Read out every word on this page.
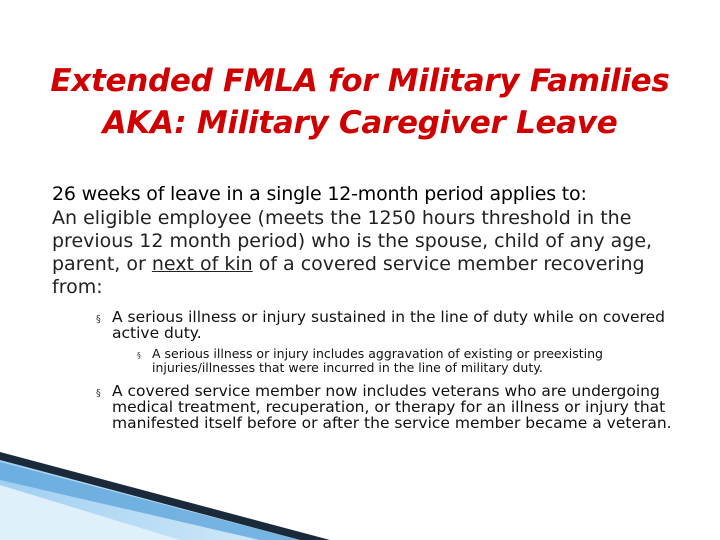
Extended FMLA for Military Families
AKA: Military Caregiver Leave
26 weeks of leave in a single 12-month period applies to:
An eligible employee (meets the 1250 hours threshold in the previous 12 month period) who is the spouse, child of any age, parent, or next of kin of a covered service member recovering from:
§ A serious illness or injury sustained in the line of duty while on covered active duty.
§ A serious illness or injury includes aggravation of existing or preexisting injuries/illnesses that were incurred in the line of military duty.
§ A covered service member now includes veterans who are undergoing medical treatment, recuperation, or therapy for an illness or injury that manifested itself before or after the service member became a veteran.
